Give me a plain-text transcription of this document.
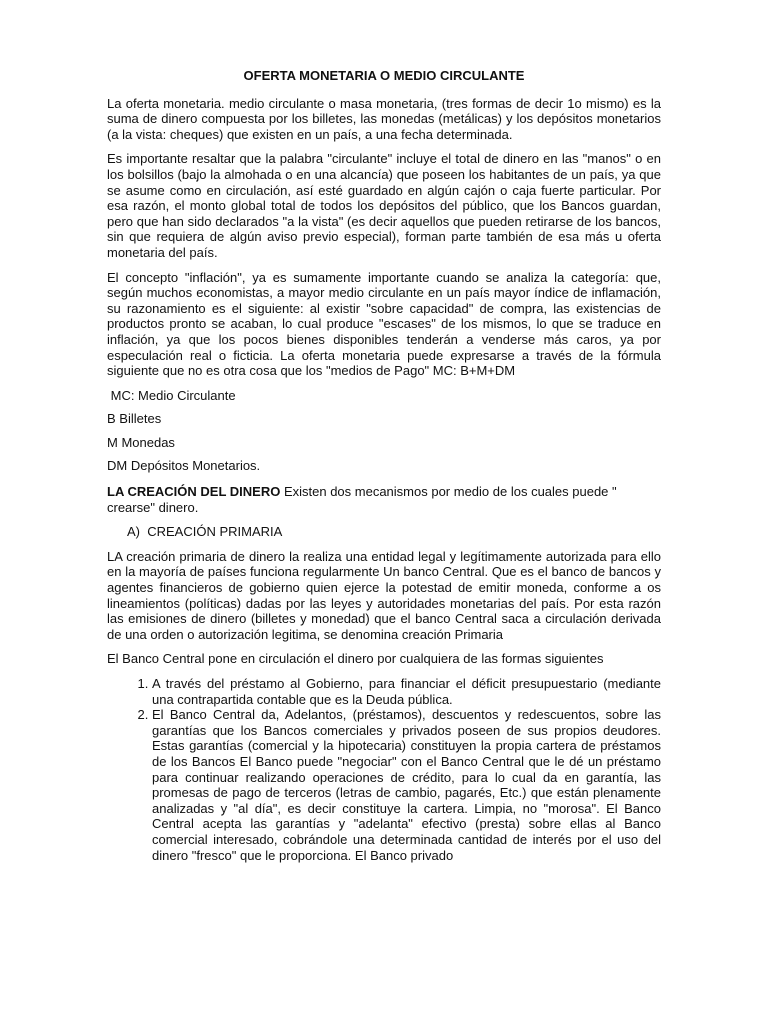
OFERTA MONETARIA O MEDIO CIRCULANTE

La oferta monetaria. medio circulante o masa monetaria, (tres formas de decir 1o mismo) es la suma de dinero compuesta por los billetes, las monedas (metálicas) y los depósitos monetarios (a la vista: cheques) que existen en un país, a una fecha determinada.

Es importante resaltar que la palabra "circulante" incluye el total de dinero en las "manos" o en los bolsillos (bajo la almohada o en una alcancía) que poseen los habitantes de un país, ya que se asume como en circulación, así esté guardado en algún cajón o caja fuerte particular. Por esa razón, el monto global total de todos los depósitos del público, que los Bancos guardan, pero que han sido declarados "a la vista" (es decir aquellos que pueden retirarse de los bancos, sin que requiera de algún aviso previo especial), forman parte también de esa más u oferta monetaria del país.

El concepto "inflación", ya es sumamente importante cuando se analiza la categoría: que, según muchos economistas, a mayor medio circulante en un país mayor índice de inflamación, su razonamiento es el siguiente: al existir "sobre capacidad" de compra, las existencias de productos pronto se acaban, lo cual produce "escases" de los mismos, lo que se traduce en inflación, ya que los pocos bienes disponibles tenderán a venderse más caros, ya por especulación real o ficticia. La oferta monetaria puede expresarse a través de la fórmula siguiente que no es otra cosa que los "medios de Pago" MC: B+M+DM

MC: Medio Circulante
B Billetes
M Monedas
DM Depósitos Monetarios.

LA CREACIÓN DEL DINERO Existen dos mecanismos por medio de los cuales puede " crearse" dinero.

A)  CREACIÓN PRIMARIA

LA creación primaria de dinero la realiza una entidad legal y legítimamente autorizada para ello en la mayoría de países funciona regularmente Un banco Central. Que es el banco de bancos y agentes financieros de gobierno quien ejerce la potestad de emitir moneda, conforme a os lineamientos (políticas) dadas por las leyes y autoridades monetarias del país. Por esta razón las emisiones de dinero (billetes y monedad) que el banco Central saca a circulación derivada de una orden o autorización legitima, se denomina creación Primaria

El Banco Central pone en circulación el dinero por cualquiera de las formas siguientes

1. A través del préstamo al Gobierno, para financiar el déficit presupuestario (mediante una contrapartida contable que es la Deuda pública.
2. El Banco Central da, Adelantos, (préstamos), descuentos y redescuentos, sobre las garantías que los Bancos comerciales y privados poseen de sus propios deudores. Estas garantías (comercial y la hipotecaria) constituyen la propia cartera de préstamos de los Bancos El Banco puede "negociar" con el Banco Central que le dé un préstamo para continuar realizando operaciones de crédito, para lo cual da en garantía, las promesas de pago de terceros (letras de cambio, pagarés, Etc.) que están plenamente analizadas y "al día", es decir constituye la cartera. Limpia, no "morosa". El Banco Central acepta las garantías y "adelanta" efectivo (presta) sobre ellas al Banco comercial interesado, cobrándole una determinada cantidad de interés por el uso del dinero "fresco" que le proporciona. El Banco privado
